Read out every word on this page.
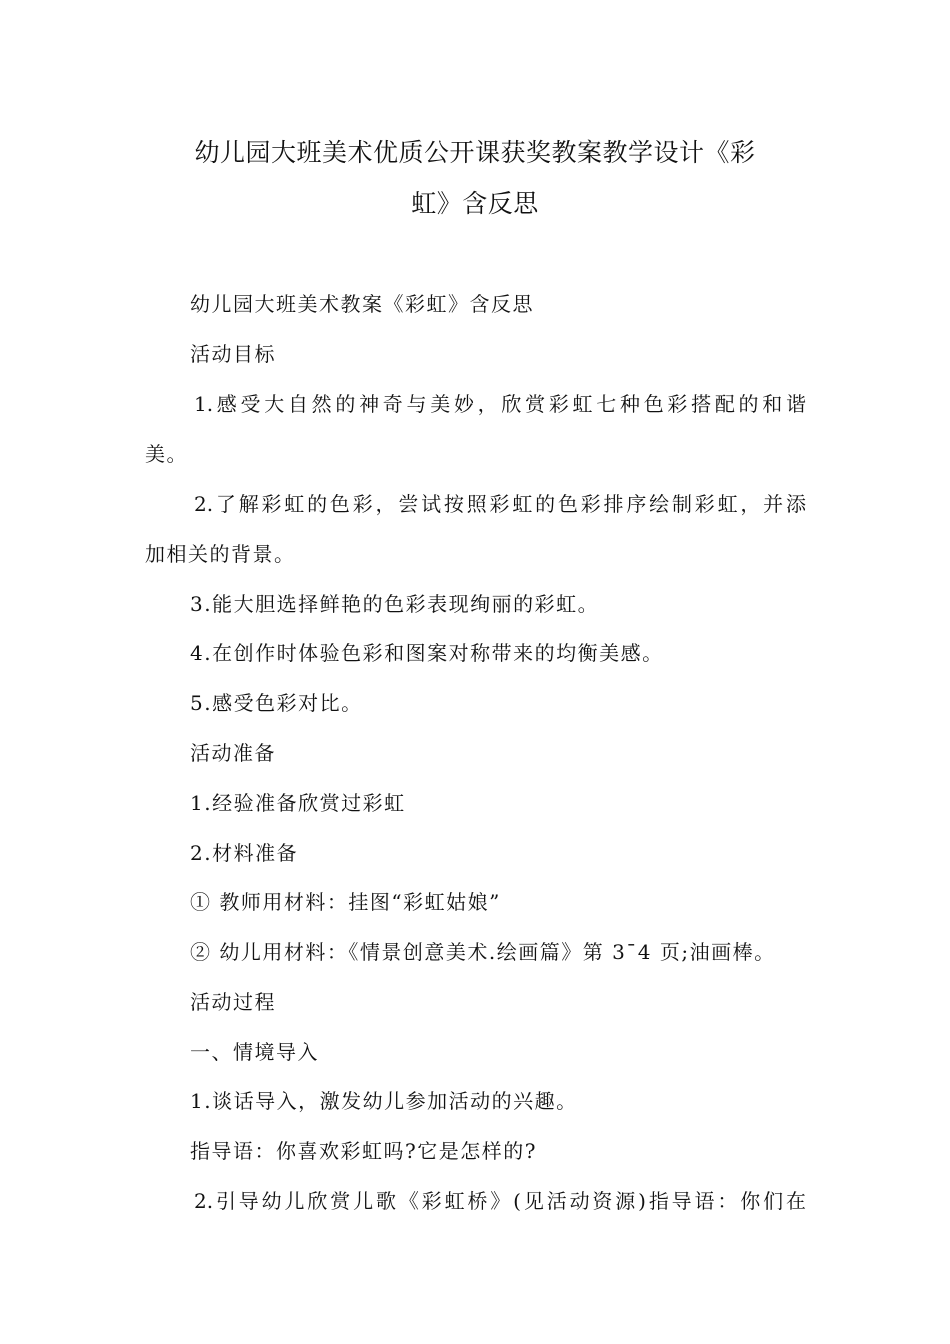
幼儿园大班美术优质公开课获奖教案教学设计《彩
虹》含反思
幼儿园大班美术教案《彩虹》含反思
活动目标
1.感受大自然的神奇与美妙，欣赏彩虹七种色彩搭配的和谐
美。
2.了解彩虹的色彩，尝试按照彩虹的色彩排序绘制彩虹，并添
加相关的背景。
3.能大胆选择鲜艳的色彩表现绚丽的彩虹。
4.在创作时体验色彩和图案对称带来的均衡美感。
5.感受色彩对比。
活动准备
1.经验准备欣赏过彩虹
2.材料准备
① 教师用材料：挂图“彩虹姑娘”
② 幼儿用材料：《情景创意美术.绘画篇》第 3¯4 页;油画棒。
活动过程
一、情境导入
1.谈话导入，激发幼儿参加活动的兴趣。
指导语：你喜欢彩虹吗?它是怎样的?
2.引导幼儿欣赏儿歌《彩虹桥》(见活动资源)指导语：你们在
